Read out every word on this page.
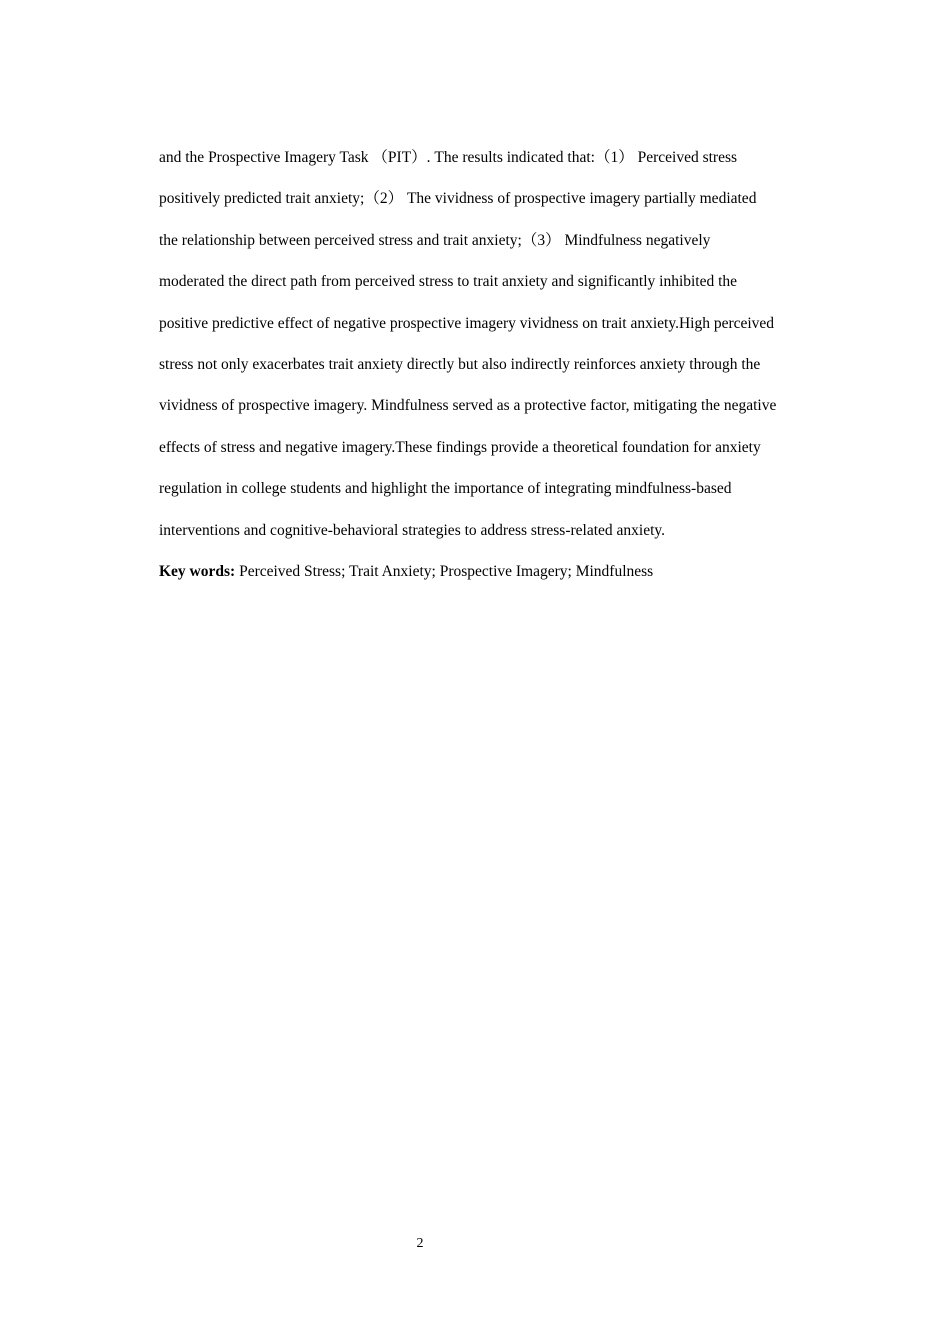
and the Prospective Imagery Task （PIT）. The results indicated that:（1） Perceived stress
positively predicted trait anxiety;（2） The vividness of prospective imagery partially mediated
the relationship between perceived stress and trait anxiety;（3） Mindfulness negatively
moderated the direct path from perceived stress to trait anxiety and significantly inhibited the
positive predictive effect of negative prospective imagery vividness on trait anxiety.High perceived
stress not only exacerbates trait anxiety directly but also indirectly reinforces anxiety through the
vividness of prospective imagery. Mindfulness served as a protective factor, mitigating the negative
effects of stress and negative imagery.These findings provide a theoretical foundation for anxiety
regulation in college students and highlight the importance of integrating mindfulness-based
interventions and cognitive-behavioral strategies to address stress-related anxiety.
Key words: Perceived Stress; Trait Anxiety; Prospective Imagery; Mindfulness
2
